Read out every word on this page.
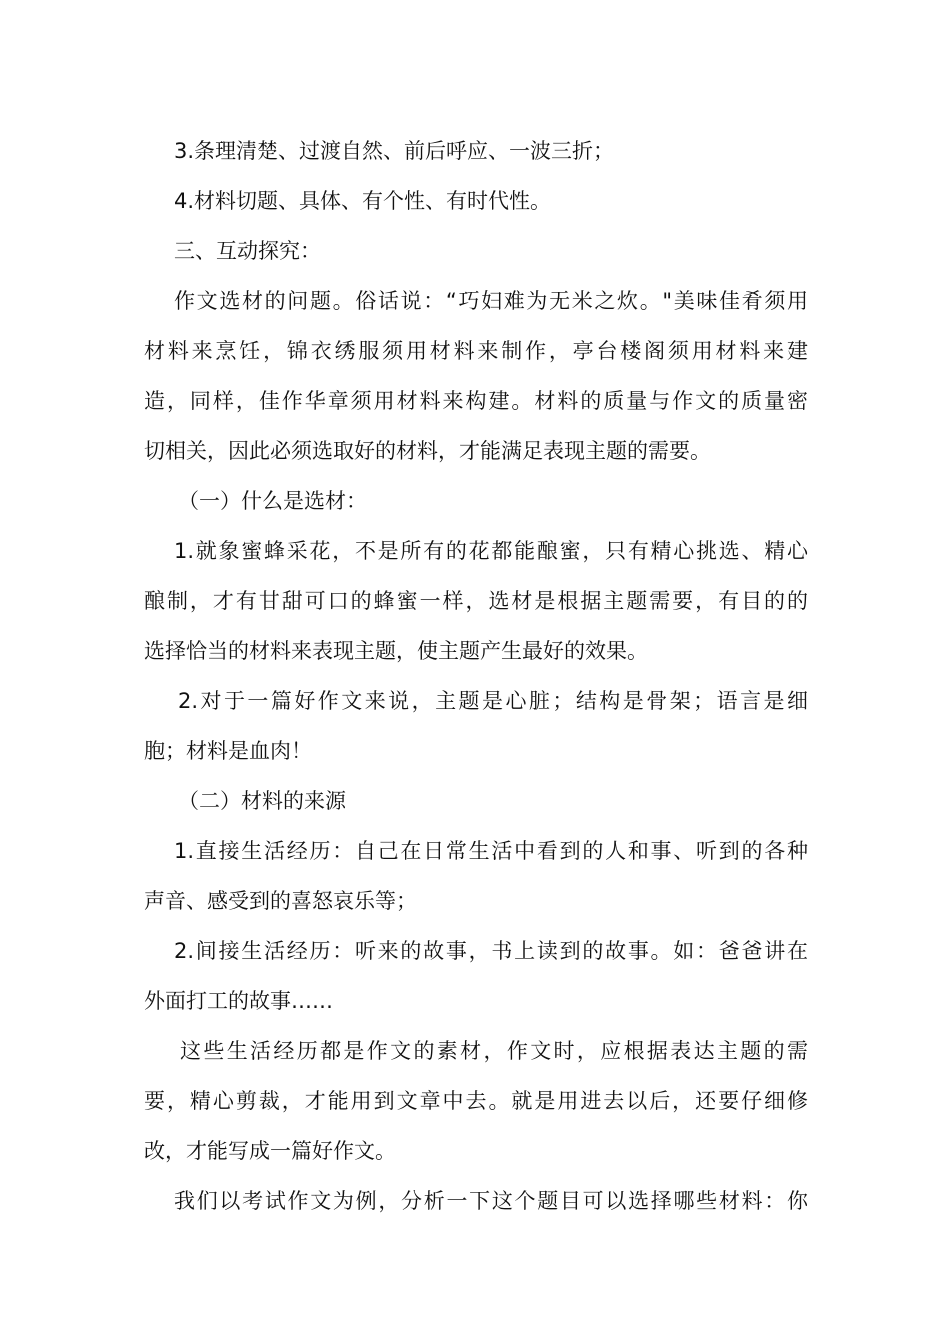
3.条理清楚、过渡自然、前后呼应、一波三折；
4.材料切题、具体、有个性、有时代性。
三、互动探究：
作文选材的问题。俗话说：“巧妇难为无米之炊。"美味佳肴须用
材料来烹饪，锦衣绣服须用材料来制作，亭台楼阁须用材料来建
造，同样，佳作华章须用材料来构建。材料的质量与作文的质量密
切相关，因此必须选取好的材料，才能满足表现主题的需要。
（一）什么是选材：
1.就象蜜蜂采花，不是所有的花都能酿蜜，只有精心挑选、精心
酿制，才有甘甜可口的蜂蜜一样，选材是根据主题需要，有目的的
选择恰当的材料来表现主题，使主题产生最好的效果。
2.对于一篇好作文来说，主题是心脏；结构是骨架；语言是细
胞；材料是血肉！
（二）材料的来源
1.直接生活经历：自己在日常生活中看到的人和事、听到的各种
声音、感受到的喜怒哀乐等；
2.间接生活经历：听来的故事，书上读到的故事。如：爸爸讲在
外面打工的故事……
这些生活经历都是作文的素材，作文时，应根据表达主题的需
要，精心剪裁，才能用到文章中去。就是用进去以后，还要仔细修
改，才能写成一篇好作文。
我们以考试作文为例，分析一下这个题目可以选择哪些材料：你
